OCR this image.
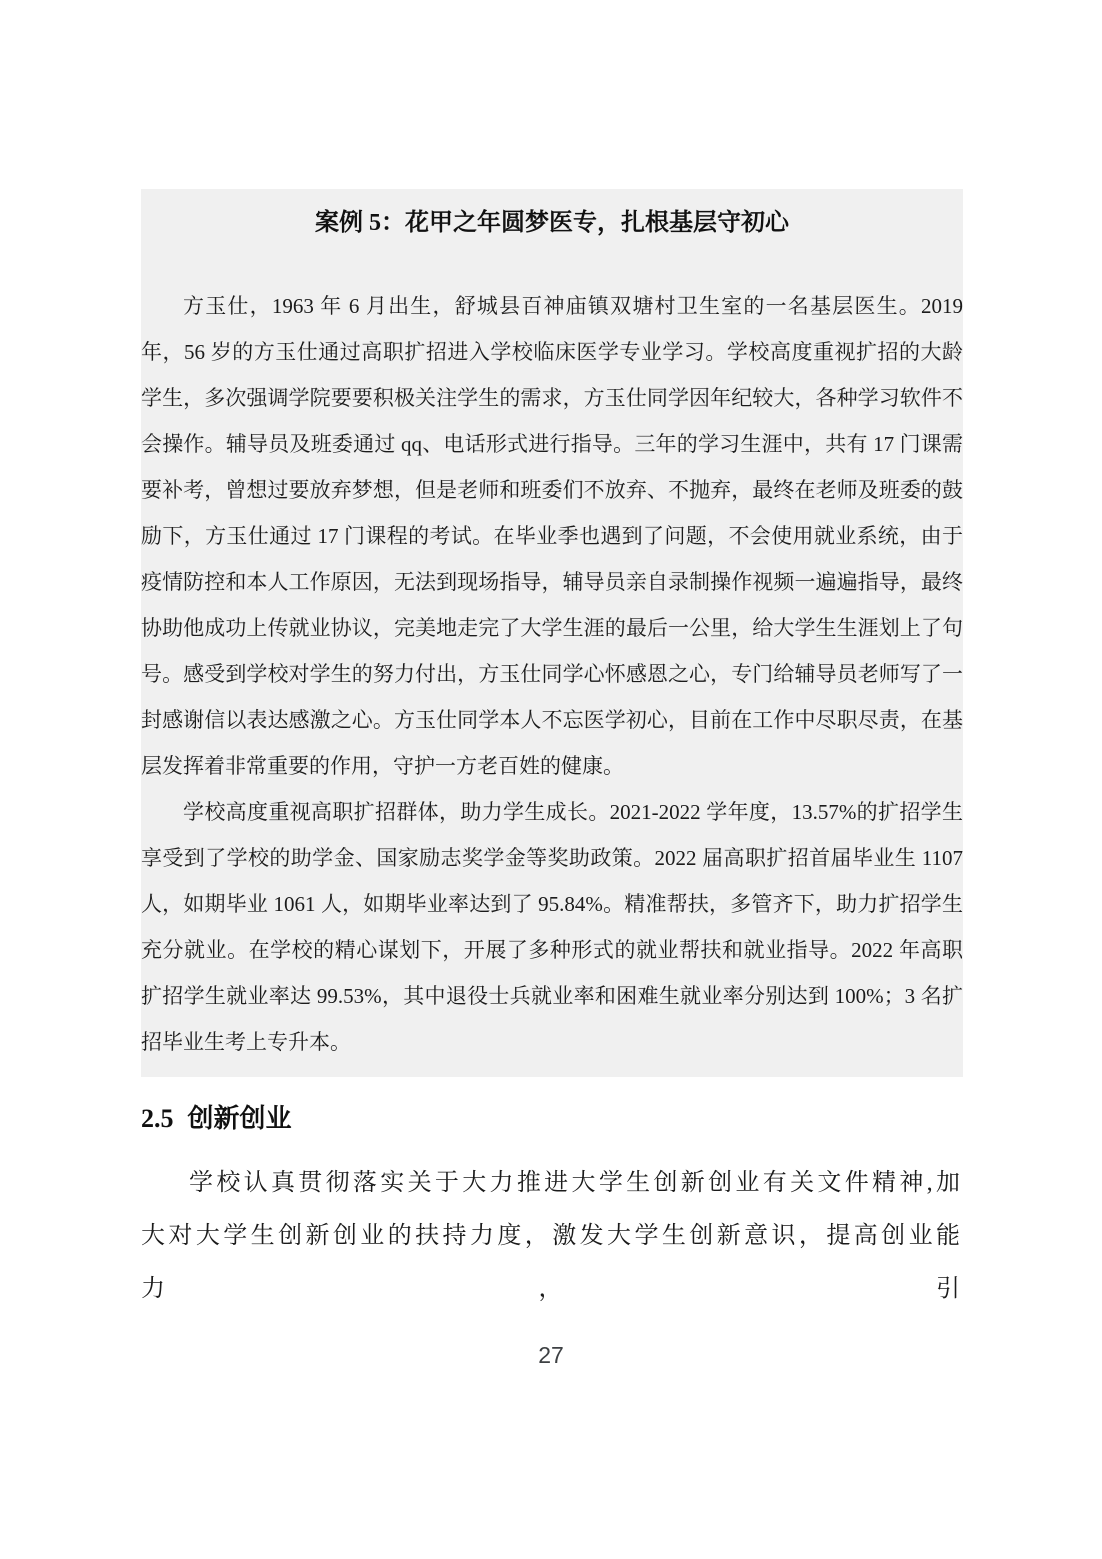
案例 5：花甲之年圆梦医专，扎根基层守初心

方玉仕，1963 年 6 月出生，舒城县百神庙镇双塘村卫生室的一名基层医生。2019 年，56 岁的方玉仕通过高职扩招进入学校临床医学专业学习。学校高度重视扩招的大龄学生，多次强调学院要要积极关注学生的需求，方玉仕同学因年纪较大，各种学习软件不会操作。辅导员及班委通过 qq、电话形式进行指导。三年的学习生涯中，共有 17 门课需要补考，曾想过要放弃梦想，但是老师和班委们不放弃、不抛弃，最终在老师及班委的鼓励下，方玉仕通过 17 门课程的考试。在毕业季也遇到了问题，不会使用就业系统，由于疫情防控和本人工作原因，无法到现场指导，辅导员亲自录制操作视频一遍遍指导，最终协助他成功上传就业协议，完美地走完了大学生涯的最后一公里，给大学生生涯划上了句号。感受到学校对学生的努力付出，方玉仕同学心怀感恩之心，专门给辅导员老师写了一封感谢信以表达感激之心。方玉仕同学本人不忘医学初心，目前在工作中尽职尽责，在基层发挥着非常重要的作用，守护一方老百姓的健康。

学校高度重视高职扩招群体，助力学生成长。2021-2022 学年度，13.57%的扩招学生享受到了学校的助学金、国家励志奖学金等奖助政策。2022 届高职扩招首届毕业生 1107 人，如期毕业 1061 人，如期毕业率达到了 95.84%。精准帮扶，多管齐下，助力扩招学生充分就业。在学校的精心谋划下，开展了多种形式的就业帮扶和就业指导。2022 年高职扩招学生就业率达 99.53%，其中退役士兵就业率和困难生就业率分别达到 100%；3 名扩招毕业生考上专升本。

2.5 创新创业

学校认真贯彻落实关于大力推进大学生创新创业有关文件精神,加大对大学生创新创业的扶持力度，激发大学生创新意识，提高创业能力，引

27
